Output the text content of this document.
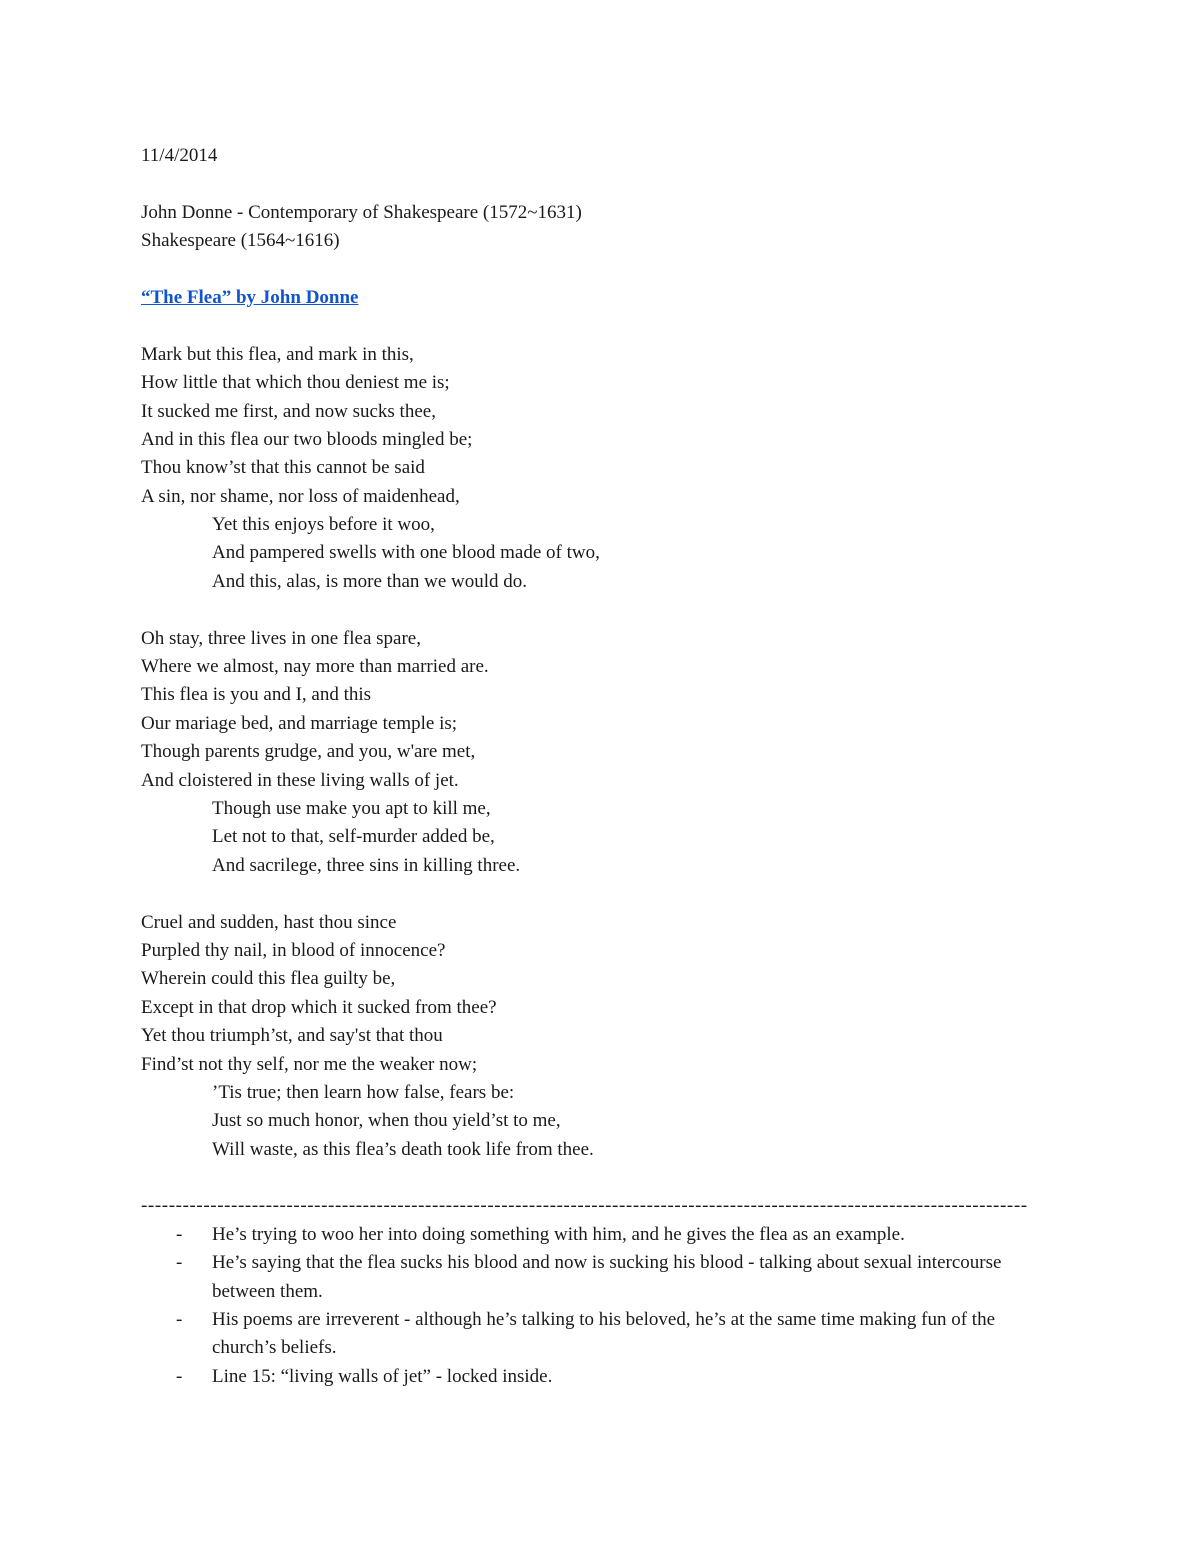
11/4/2014
John Donne - Contemporary of Shakespeare (1572~1631)
Shakespeare (1564~1616)
“The Flea” by John Donne
Mark but this flea, and mark in this,
How little that which thou deniest me is;
It sucked me first, and now sucks thee,
And in this flea our two bloods mingled be;
Thou know’st that this cannot be said
A sin, nor shame, nor loss of maidenhead,
Yet this enjoys before it woo,
And pampered swells with one blood made of two,
And this, alas, is more than we would do.
Oh stay, three lives in one flea spare,
Where we almost, nay more than married are.
This flea is you and I, and this
Our mariage bed, and marriage temple is;
Though parents grudge, and you, w'are met,
And cloistered in these living walls of jet.
Though use make you apt to kill me,
Let not to that, self-murder added be,
And sacrilege, three sins in killing three.
Cruel and sudden, hast thou since
Purpled thy nail, in blood of innocence?
Wherein could this flea guilty be,
Except in that drop which it sucked from thee?
Yet thou triumph’st, and say'st that thou
Find’st not thy self, nor me the weaker now;
’Tis true; then learn how false, fears be:
Just so much honor, when thou yield’st to me,
Will waste, as this flea’s death took life from thee.
--------------------------------------------------------------------------------------------------------------------------------
- He’s trying to woo her into doing something with him, and he gives the flea as an example.
- He’s saying that the flea sucks his blood and now is sucking his blood - talking about sexual intercourse between them.
- His poems are irreverent - although he’s talking to his beloved, he’s at the same time making fun of the church’s beliefs.
- Line 15: “living walls of jet” - locked inside.
